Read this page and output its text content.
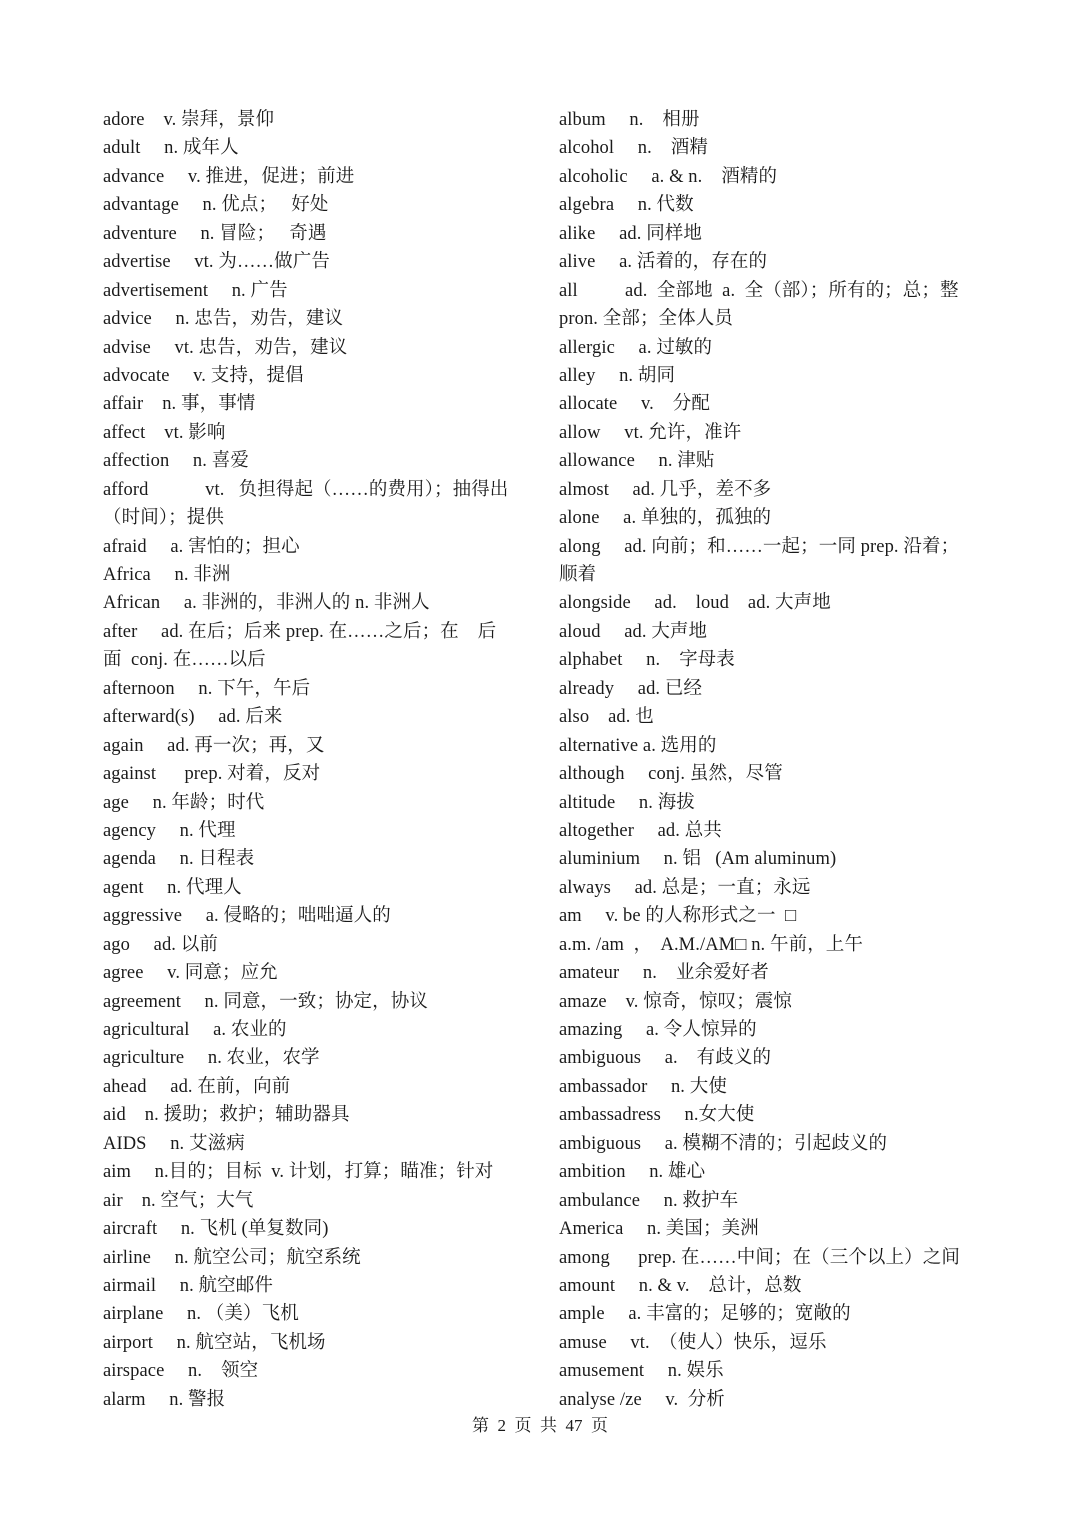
adore    v. 崇拜，景仰
adult     n. 成年人
advance     v. 推进，促进；前进
advantage     n. 优点；   好处
adventure     n. 冒险；   奇遇
advertise     vt. 为……做广告
advertisement     n. 广告
advice     n. 忠告，劝告，建议
advise     vt. 忠告，劝告，建议
advocate     v. 支持，提倡
affair    n. 事，事情
affect    vt. 影响
affection     n. 喜爱
afford            vt.   负担得起（……的费用）；抽得出
（时间）；提供
afraid     a. 害怕的；担心
Africa     n. 非洲
African     a. 非洲的，非洲人的 n. 非洲人
after     ad. 在后；后来 prep. 在……之后；在    后
面  conj. 在……以后
afternoon     n. 下午，午后
afterward(s)     ad. 后来
again     ad. 再一次；再，又
against      prep. 对着，反对
age     n. 年龄；时代
agency     n. 代理
agenda     n. 日程表
agent     n. 代理人
aggressive     a. 侵略的；咄咄逼人的
ago     ad. 以前
agree     v. 同意；应允
agreement     n. 同意，一致；协定，协议
agricultural     a. 农业的
agriculture     n. 农业，农学
ahead     ad. 在前，向前
aid    n. 援助；救护；辅助器具
AIDS     n. 艾滋病
aim     n.目的；目标  v. 计划，打算；瞄准；针对
air    n. 空气；大气
aircraft     n. 飞机 (单复数同)
airline     n. 航空公司；航空系统
airmail     n. 航空邮件
airplane     n. （美）飞机
airport     n. 航空站，飞机场
airspace     n.    领空
alarm     n. 警报
album     n.    相册
alcohol     n.    酒精
alcoholic     a. & n.    酒精的
algebra     n. 代数
alike     ad. 同样地
alive     a. 活着的，存在的
all          ad.  全部地  a.  全（部）；所有的；总；整
pron. 全部；全体人员
allergic     a. 过敏的
alley     n. 胡同
allocate     v.    分配
allow     vt. 允许，准许
allowance     n. 津贴
almost     ad. 几乎，差不多
alone     a. 单独的，孤独的
along     ad. 向前；和……一起；一同 prep. 沿着；
顺着
alongside     ad.    loud    ad. 大声地
aloud     ad. 大声地
alphabet     n.    字母表
already     ad. 已经
also    ad. 也
alternative a. 选用的
although     conj. 虽然，尽管
altitude     n. 海拔
altogether     ad. 总共
aluminium     n. 铝   (Am aluminum)
always     ad. 总是；一直；永远
am     v. be 的人称形式之一  □
a.m. /am  ，  A.M./AM□ n. 午前，上午
amateur     n.    业余爱好者
amaze    v. 惊奇，惊叹；震惊
amazing     a. 令人惊异的
ambiguous     a.    有歧义的
ambassador     n. 大使
ambassadress     n.女大使
ambiguous     a. 模糊不清的；引起歧义的
ambition     n. 雄心
ambulance     n. 救护车
America     n. 美国；美洲
among      prep. 在……中间；在（三个以上）之间
amount     n. & v.    总计，总数
ample     a. 丰富的；足够的；宽敞的
amuse     vt.  （使人）快乐，逗乐
amusement     n. 娱乐
analyse /ze     v.  分析
第  2  页  共  47  页
